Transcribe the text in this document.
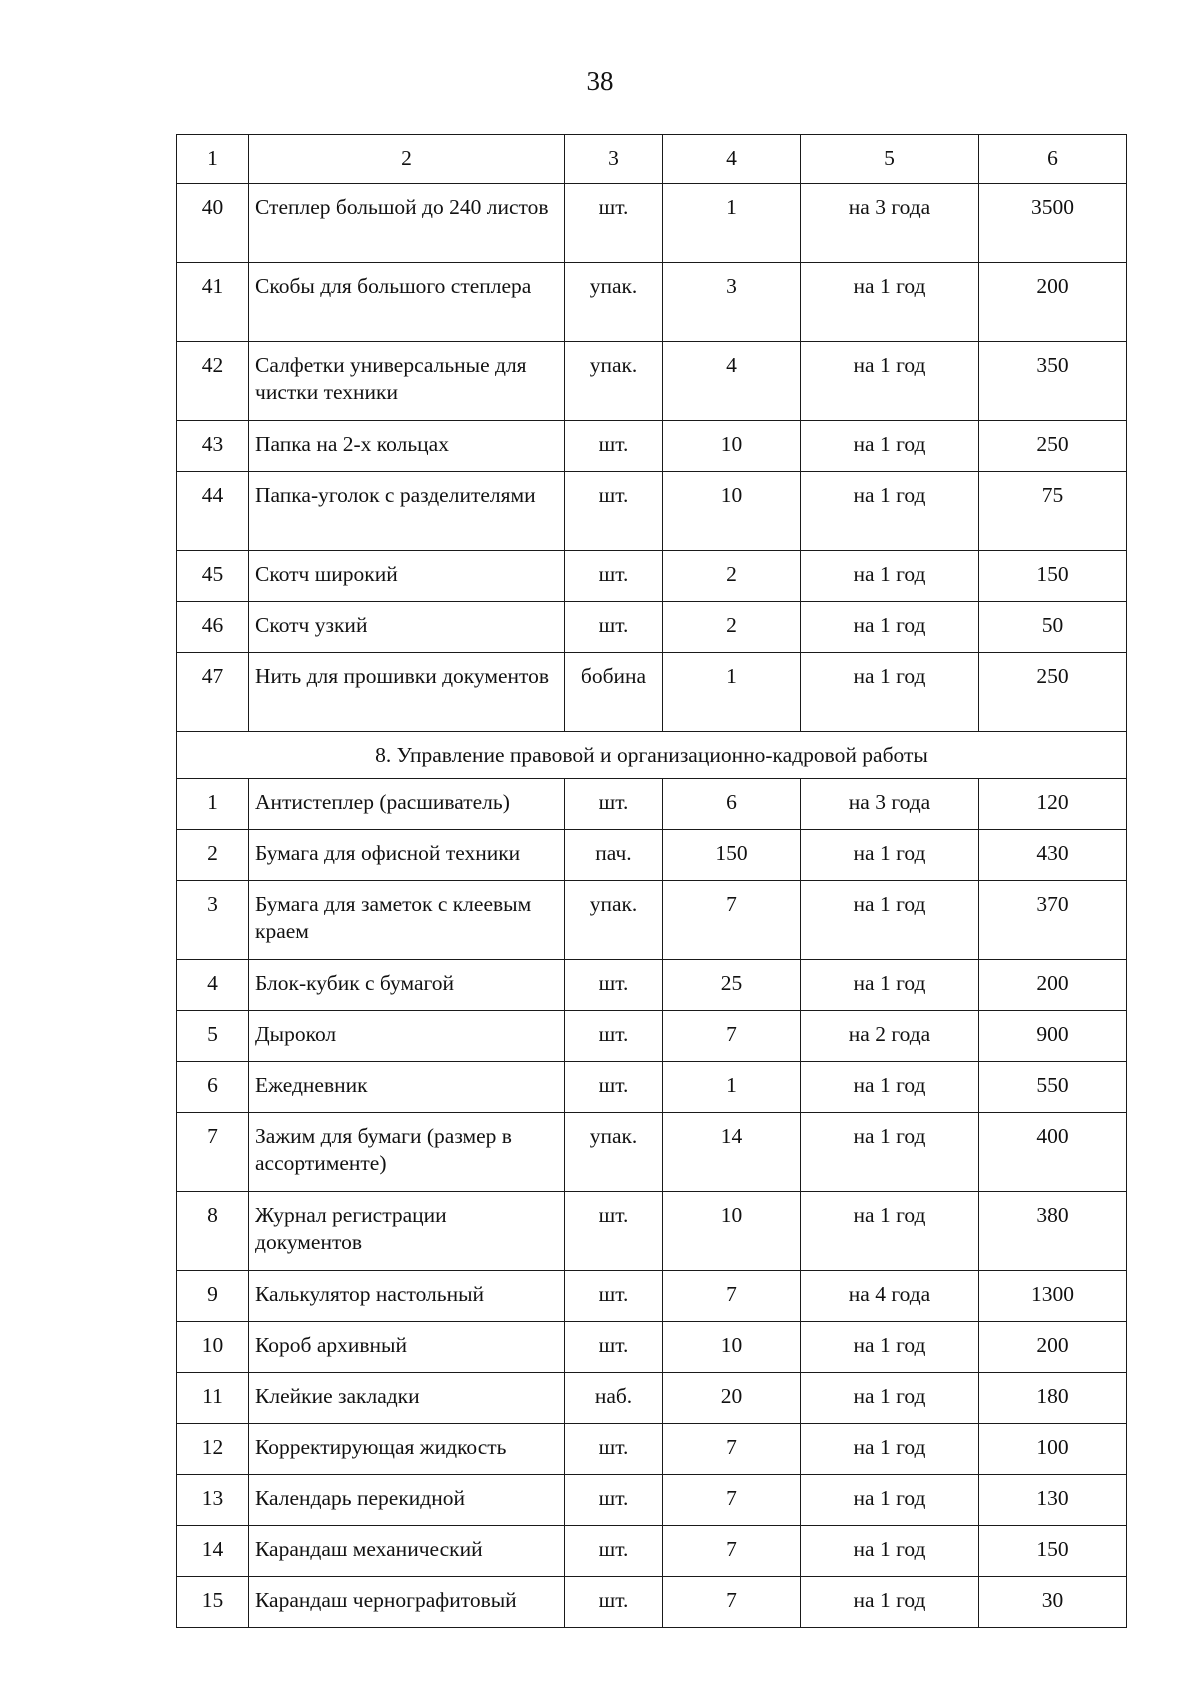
38
1	2	3	4	5	6
40	Степлер большой до 240 листов	шт.	1	на 3 года	3500
41	Скобы для большого степлера	упак.	3	на 1 год	200
42	Салфетки универсальные для чистки техники	упак.	4	на 1 год	350
43	Папка на 2-х кольцах	шт.	10	на 1 год	250
44	Папка-уголок с разделителями	шт.	10	на 1 год	75
45	Скотч широкий	шт.	2	на 1 год	150
46	Скотч узкий	шт.	2	на 1 год	50
47	Нить для прошивки документов	бобина	1	на 1 год	250
8. Управление правовой и организационно-кадровой работы					
1	Антистеплер (расшиватель)	шт.	6	на 3 года	120
2	Бумага для офисной техники	пач.	150	на 1 год	430
3	Бумага для заметок с клеевым краем	упак.	7	на 1 год	370
4	Блок-кубик с бумагой	шт.	25	на 1 год	200
5	Дырокол	шт.	7	на 2 года	900
6	Ежедневник	шт.	1	на 1 год	550
7	Зажим для бумаги (размер в ассортименте)	упак.	14	на 1 год	400
8	Журнал регистрации документов	шт.	10	на 1 год	380
9	Калькулятор настольный	шт.	7	на 4 года	1300
10	Короб архивный	шт.	10	на 1 год	200
11	Клейкие закладки	наб.	20	на 1 год	180
12	Корректирующая жидкость	шт.	7	на 1 год	100
13	Календарь перекидной	шт.	7	на 1 год	130
14	Карандаш механический	шт.	7	на 1 год	150
15	Карандаш чернографитовый	шт.	7	на 1 год	30
